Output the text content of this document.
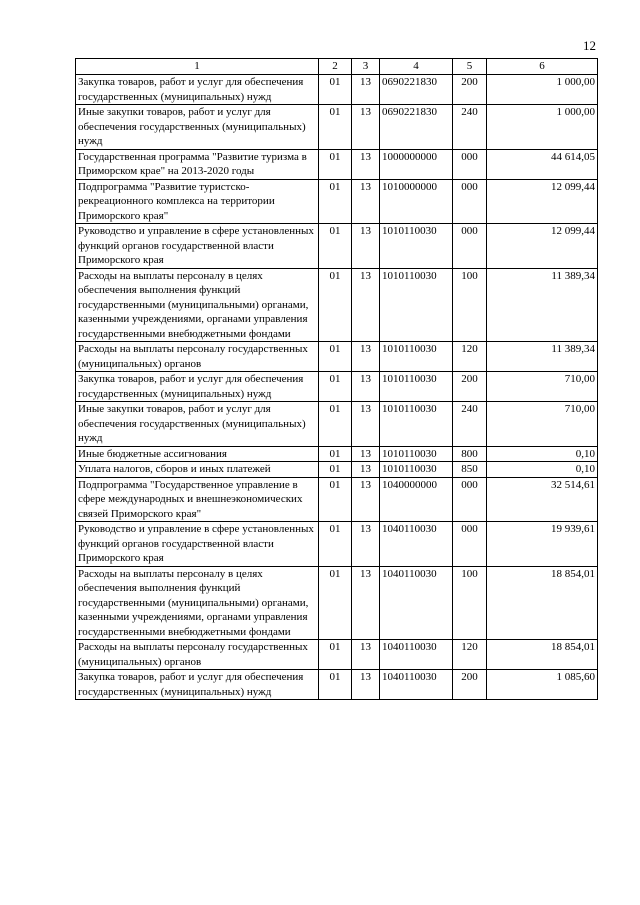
12
1	2	3	4	5	6
Закупка товаров, работ и услуг для обеспечения государственных (муниципальных) нужд	01	13	0690221830	200	1 000,00
Иные закупки товаров, работ и услуг для обеспечения государственных (муниципальных) нужд	01	13	0690221830	240	1 000,00
Государственная программа "Развитие туризма в Приморском крае" на 2013-2020 годы	01	13	1000000000	000	44 614,05
Подпрограмма "Развитие туристско-рекреационного комплекса на территории Приморского края"	01	13	1010000000	000	12 099,44
Руководство и управление в сфере установленных функций органов государственной власти Приморского края	01	13	1010110030	000	12 099,44
Расходы на выплаты персоналу в целях обеспечения выполнения функций государственными (муниципальными) органами, казенными учреждениями, органами управления государственными внебюджетными фондами	01	13	1010110030	100	11 389,34
Расходы на выплаты персоналу государственных (муниципальных) органов	01	13	1010110030	120	11 389,34
Закупка товаров, работ и услуг для обеспечения государственных (муниципальных) нужд	01	13	1010110030	200	710,00
Иные закупки товаров, работ и услуг для обеспечения государственных (муниципальных) нужд	01	13	1010110030	240	710,00
Иные бюджетные ассигнования	01	13	1010110030	800	0,10
Уплата налогов, сборов и иных платежей	01	13	1010110030	850	0,10
Подпрограмма "Государственное управление в сфере международных и внешнеэкономических связей Приморского края"	01	13	1040000000	000	32 514,61
Руководство и управление в сфере установленных функций органов государственной власти Приморского края	01	13	1040110030	000	19 939,61
Расходы на выплаты персоналу в целях обеспечения выполнения функций государственными (муниципальными) органами, казенными учреждениями, органами управления государственными внебюджетными фондами	01	13	1040110030	100	18 854,01
Расходы на выплаты персоналу государственных (муниципальных) органов	01	13	1040110030	120	18 854,01
Закупка товаров, работ и услуг для обеспечения государственных (муниципальных) нужд	01	13	1040110030	200	1 085,60
